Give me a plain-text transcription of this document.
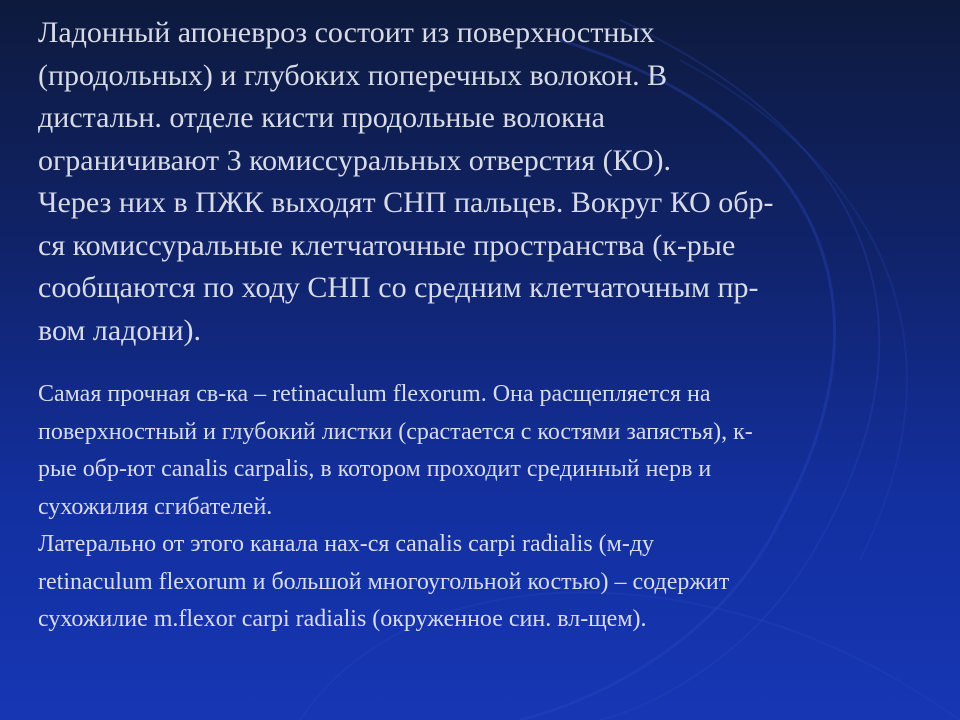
Ладонный апоневроз состоит из поверхностных

(продольных) и глубоких поперечных волокон. В

дистальн. отделе кисти продольные волокна

ограничивают 3 комиссуральных отверстия (КО).

Через них в ПЖК выходят СНП пальцев. Вокруг КО обр-

ся комиссуральные клетчаточные пространства (к-рые

сообщаются по ходу СНП со средним клетчаточным пр-

вом ладони).

Самая прочная св-ка – retinaculum flexorum. Она расщепляется на

поверхностный и глубокий листки (срастается с костями запястья), к-

рые обр-ют canalis carpalis, в котором проходит срединный нерв и

сухожилия сгибателей.

Латерально от этого канала нах-ся canalis carpi radialis (м-ду

retinaculum flexorum и большой многоугольной костью) – содержит

сухожилие m.flexor carpi radialis (окруженное син. вл-щем).
